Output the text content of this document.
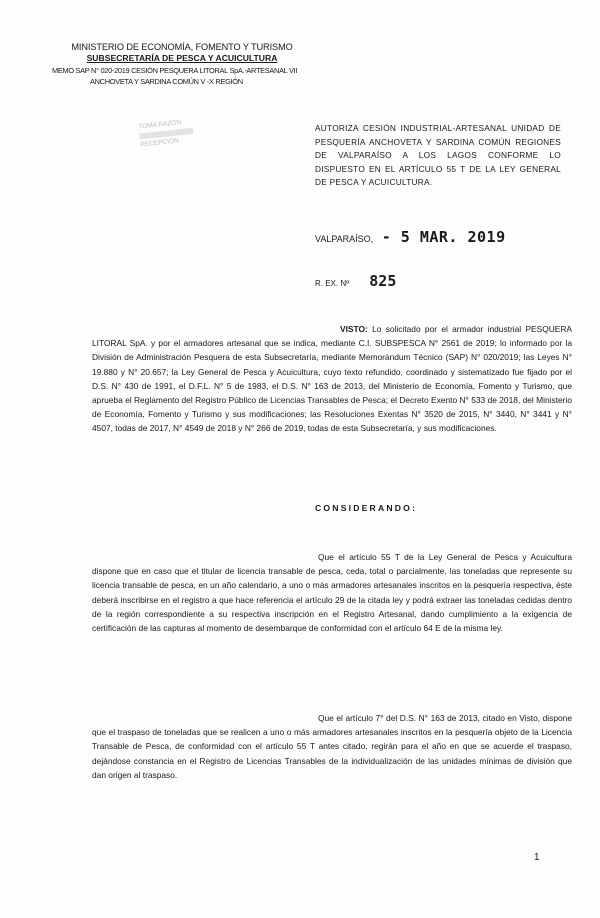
MINISTERIO DE ECONOMÍA, FOMENTO Y TURISMO
SUBSECRETARÍA DE PESCA Y ACUICULTURA
MEMO SAP N° 020-2019 CESIÓN PESQUERA LITORAL SpA.-ARTESANAL VII
ANCHOVETA Y SARDINA COMÚN V -X REGIÓN
TOMA RAZÓN
RECEPCIÓN
AUTORIZA CESIÓN INDUSTRIAL-ARTESANAL UNIDAD DE PESQUERÍA ANCHOVETA Y SARDINA COMÚN REGIONES DE VALPARAÍSO A LOS LAGOS CONFORME LO DISPUESTO EN EL ARTÍCULO 55 T DE LA LEY GENERAL DE PESCA Y ACUICULTURA.
VALPARAÍSO, - 5 MAR. 2019
R. EX. Nº 825
VISTO: Lo solicitado por el armador industrial PESQUERA LITORAL SpA. y por el armadores artesanal que se indica, mediante C.I. SUBSPESCA N° 2561 de 2019; lo informado por la División de Administración Pesquera de esta Subsecretaría, mediante Memorándum Técnico (SAP) N° 020/2019; las Leyes N° 19.880 y N° 20.657; la Ley General de Pesca y Acuicultura, cuyo texto refundido, coordinado y sistematizado fue fijado por el D.S. N° 430 de 1991, el D.F.L. N° 5 de 1983, el D.S. N° 163 de 2013, del Ministerio de Economía, Fomento y Turismo, que aprueba el Reglamento del Registro Público de Licencias Transables de Pesca; el Decreto Exento N° 533 de 2018, del Ministerio de Economía, Fomento y Turismo y sus modificaciones; las Resoluciones Exentas N° 3520 de 2015, N° 3440, N° 3441 y N° 4507, todas de 2017, N° 4549 de 2018 y N° 266 de 2019, todas de esta Subsecretaría, y sus modificaciones.
CONSIDERANDO:
Que el artículo 55 T de la Ley General de Pesca y Acuicultura dispone que en caso que el titular de licencia transable de pesca, ceda, total o parcialmente, las toneladas que represente su licencia transable de pesca, en un año calendario, a uno o más armadores artesanales inscritos en la pesquería respectiva, éste deberá inscribirse en el registro a que hace referencia el artículo 29 de la citada ley y podrá extraer las toneladas cedidas dentro de la región correspondiente a su respectiva inscripción en el Registro Artesanal, dando cumplimiento a la exigencia de certificación de las capturas al momento de desembarque de conformidad con el artículo 64 E de la misma ley.
Que el artículo 7° del D.S. N° 163 de 2013, citado en Visto, dispone que el traspaso de toneladas que se realicen a uno o más armadores artesanales inscritos en la pesquería objeto de la Licencia Transable de Pesca, de conformidad con el artículo 55 T antes citado, regirán para el año en que se acuerde el traspaso, dejándose constancia en el Registro de Licencias Transables de la individualización de las unidades mínimas de división que dan origen al traspaso.
1
